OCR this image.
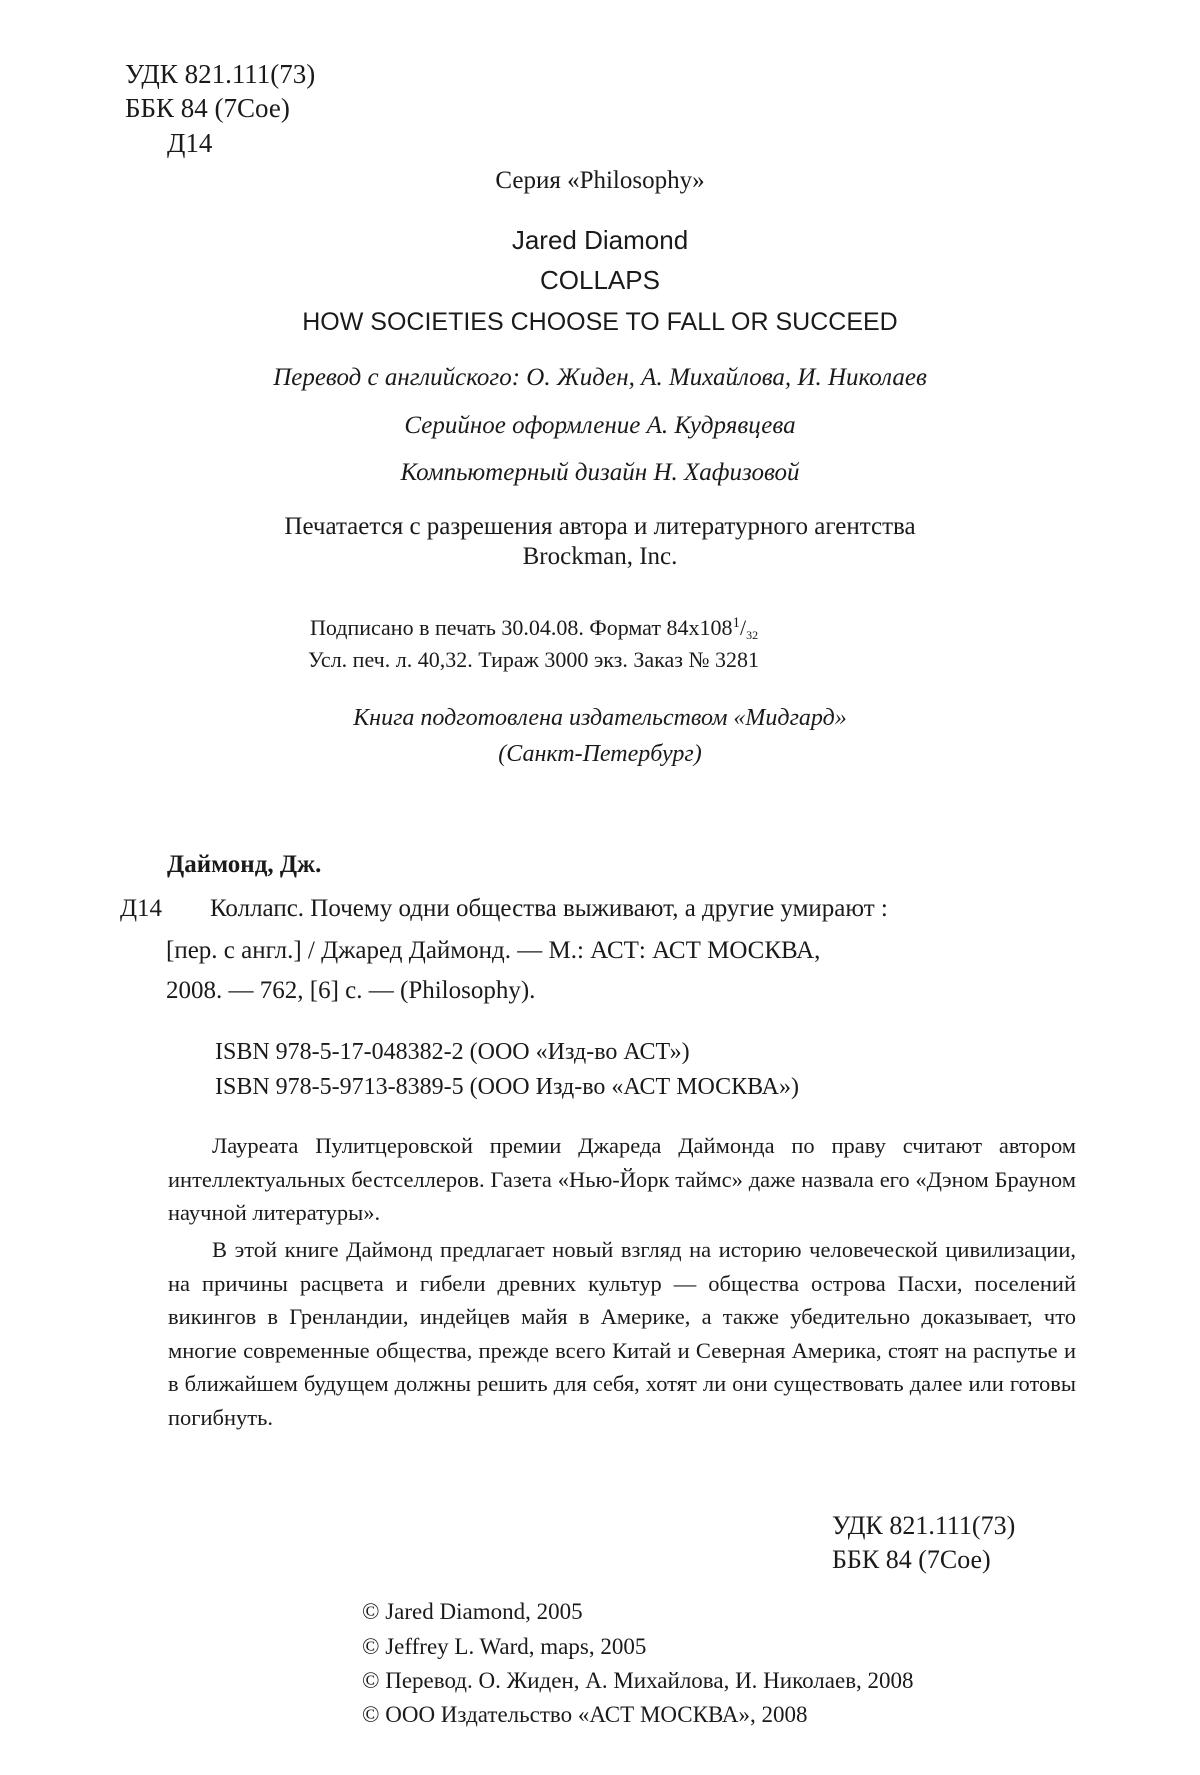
УДК 821.111(73)

ББК 84 (7Сое)

Д14

Серия «Philosophy»

Jared Diamond

COLLAPS

HOW SOCIETIES CHOOSE TO FALL OR SUCCEED

Перевод с английского: О. Жиден, А. Михайлова, И. Николаев

Серийное оформление А. Кудрявцева

Компьютерный дизайн Н. Хафизовой

Печатается с разрешения автора и литературного агентства

Brockman, Inc.

Подписано в печать 30.04.08. Формат $84x108^1/_{32}$

Усл. печ. л. 40,32. Тираж 3000 экз. Заказ № 3281

Книга подготовлена издательством «Мидгард»

(Санкт-Петербург)

Даймонд, Дж.

Д14 Коллапс. Почему одни общества выживают, а другие умирают :

[пер. с англ.] / Джаред Даймонд. — М.: АСТ: АСТ МОСКВА,

2008. — 762, [6] с. — (Philosophy).

ISBN 978-5-17-048382-2 (ООО «Изд-во АСТ»)

ISBN 978-5-9713-8389-5 (ООО Изд-во «АСТ МОСКВА»)

Лауреата Пулитцеровской премии Джареда Даймонда по праву считают автором интеллектуальных бестселлеров. Газета «Нью-Йорк таймс» даже назвала его «Дэном Брауном научной литературы».

В этой книге Даймонд предлагает новый взгляд на историю человеческой цивилизации, на причины расцвета и гибели древних культур — общества острова Пасхи, поселений викингов в Гренландии, индейцев майя в Америке, а также убедительно доказывает, что многие современные общества, прежде всего Китай и Северная Америка, стоят на распутье и в ближайшем будущем должны решить для себя, хотят ли они существовать далее или готовы погибнуть.

УДК 821.111(73)

ББК 84 (7Сое)

© Jared Diamond, 2005

© Jeffrey L. Ward, maps, 2005

© Перевод. О. Жиден, А. Михайлова, И. Николаев, 2008

© ООО Издательство «АСТ МОСКВА», 2008
